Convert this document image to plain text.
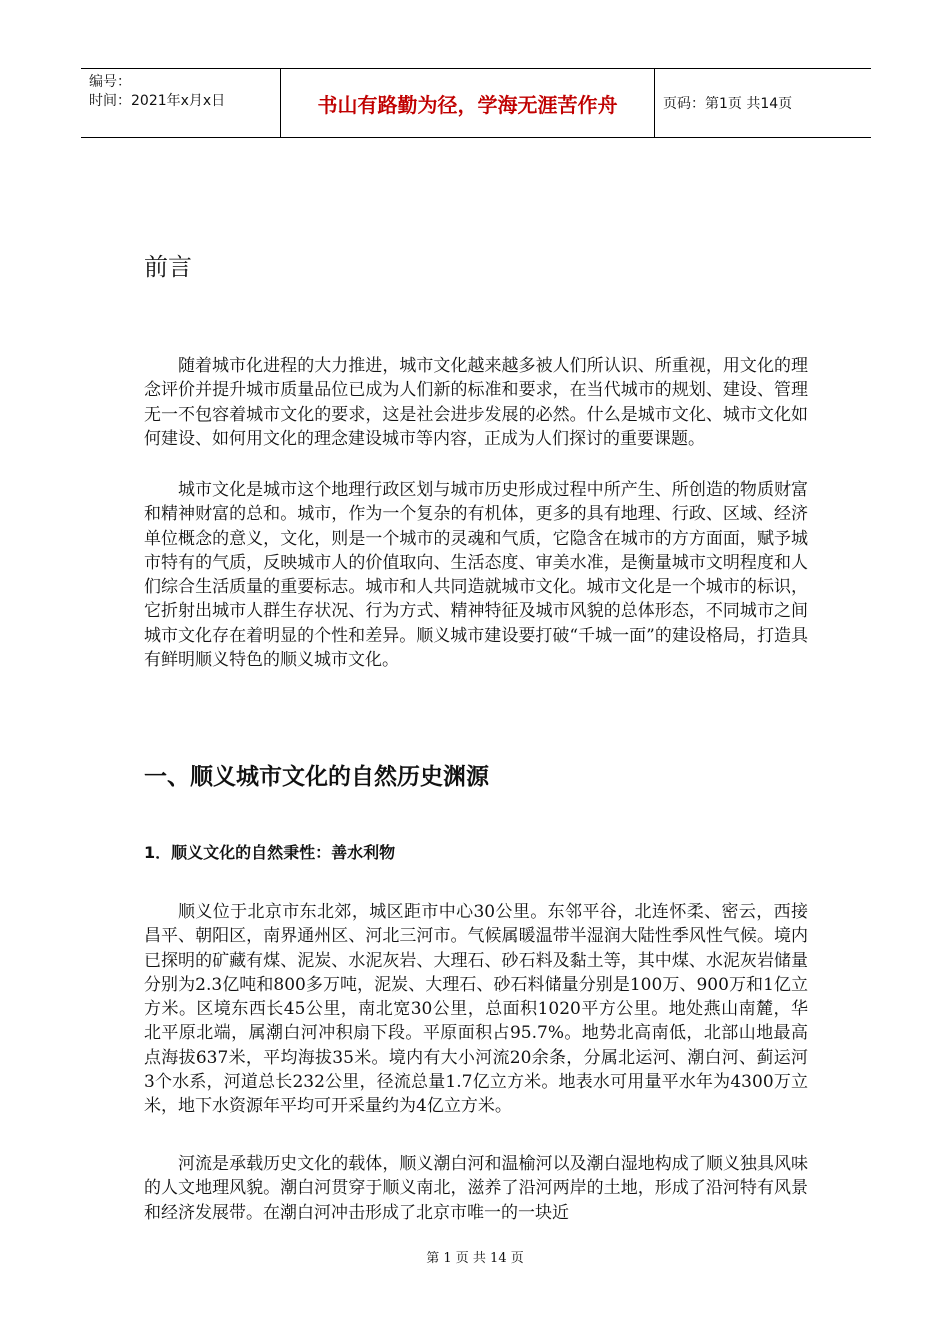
编号：
时间：2021年x月x日	书山有路勤为径，学海无涯苦作舟	页码：第1页 共14页
前言

随着城市化进程的大力推进，城市文化越来越多被人们所认识、所重视，用文化的理念评价并提升城市质量品位已成为人们新的标准和要求，在当代城市的规划、建设、管理无一不包容着城市文化的要求，这是社会进步发展的必然。什么是城市文化、城市文化如何建设、如何用文化的理念建设城市等内容，正成为人们探讨的重要课题。

城市文化是城市这个地理行政区划与城市历史形成过程中所产生、所创造的物质财富和精神财富的总和。城市，作为一个复杂的有机体，更多的具有地理、行政、区域、经济单位概念的意义，文化，则是一个城市的灵魂和气质，它隐含在城市的方方面面，赋予城市特有的气质，反映城市人的价值取向、生活态度、审美水准，是衡量城市文明程度和人们综合生活质量的重要标志。城市和人共同造就城市文化。城市文化是一个城市的标识，它折射出城市人群生存状况、行为方式、精神特征及城市风貌的总体形态，不同城市之间城市文化存在着明显的个性和差异。顺义城市建设要打破“千城一面”的建设格局，打造具有鲜明顺义特色的顺义城市文化。

一、顺义城市文化的自然历史渊源
1．顺义文化的自然秉性：善水利物

顺义位于北京市东北郊，城区距市中心30公里。东邻平谷，北连怀柔、密云，西接昌平、朝阳区，南界通州区、河北三河市。气候属暖温带半湿润大陆性季风性气候。境内已探明的矿藏有煤、泥炭、水泥灰岩、大理石、砂石料及黏土等，其中煤、水泥灰岩储量分别为2.3亿吨和800多万吨，泥炭、大理石、砂石料储量分别是100万、900万和1亿立方米。区境东西长45公里，南北宽30公里，总面积1020平方公里。地处燕山南麓，华北平原北端，属潮白河冲积扇下段。平原面积占95.7%。地势北高南低，北部山地最高点海拔637米，平均海拔35米。境内有大小河流20余条，分属北运河、潮白河、蓟运河3个水系，河道总长232公里，径流总量1.7亿立方米。地表水可用量平水年为4300万立米，地下水资源年平均可开采量约为4亿立方米。

河流是承载历史文化的载体，顺义潮白河和温榆河以及潮白湿地构成了顺义独具风味的人文地理风貌。潮白河贯穿于顺义南北，滋养了沿河两岸的土地，形成了沿河特有风景和经济发展带。在潮白河冲击形成了北京市唯一的一块近

第 1 页 共 14 页
